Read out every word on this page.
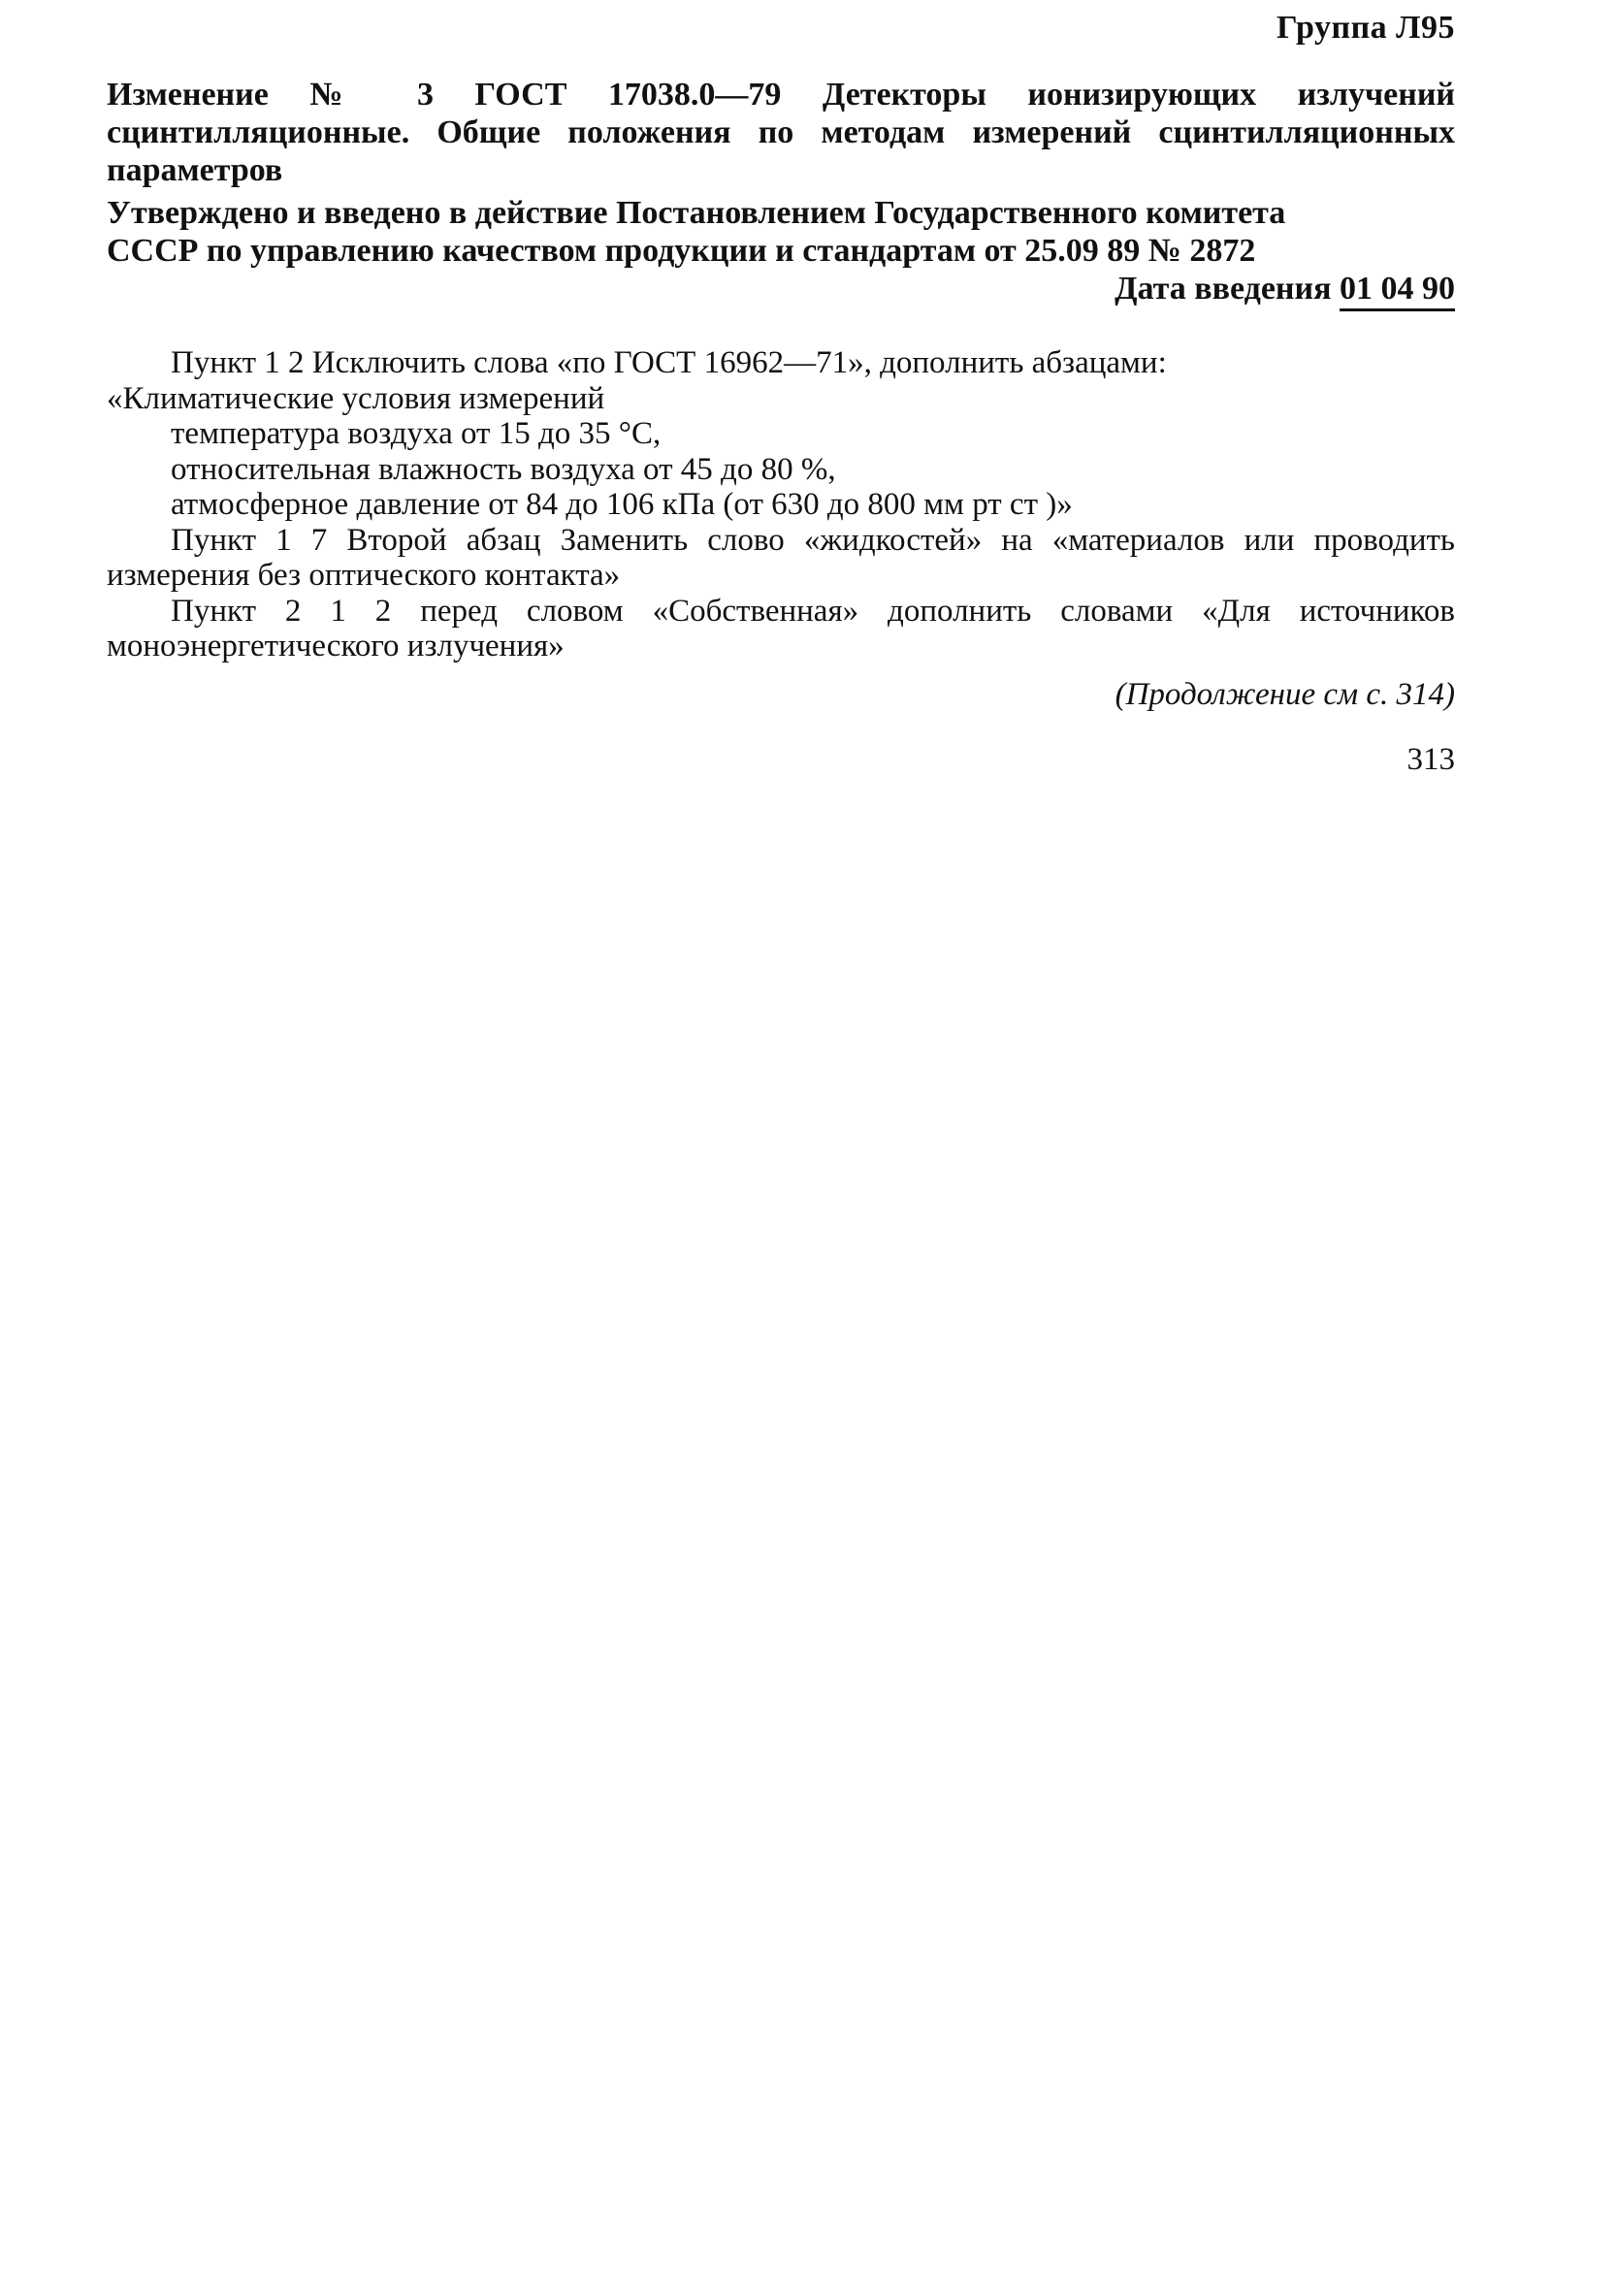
Группа Л95
Изменение № 3 ГОСТ 17038.0—79 Детекторы ионизирующих излучений сцинтилляционные. Общие положения по методам измерений сцинтилляционных параметров
Утверждено и введено в действие Постановлением Государственного комитета
СССР по управлению качеством продукции и стандартам от 25.09 89 № 2872
Дата введения 01 04 90

Пункт 1 2 Исключить слова «по ГОСТ 16962—71», дополнить абзацами:

«Климатические условия измерений

температура воздуха от 15 до 35 °С,

относительная влажность воздуха от 45 до 80 %,

атмосферное давление от 84 до 106 кПа (от 630 до 800 мм рт ст )»

Пункт 1 7 Второй абзац Заменить слово «жидкостей» на «материалов или проводить измерения без оптического контакта»

Пункт 2 1 2 перед словом «Собственная» дополнить словами «Для источников моноэнергетического излучения»

(Продолжение см с. 314)
313
